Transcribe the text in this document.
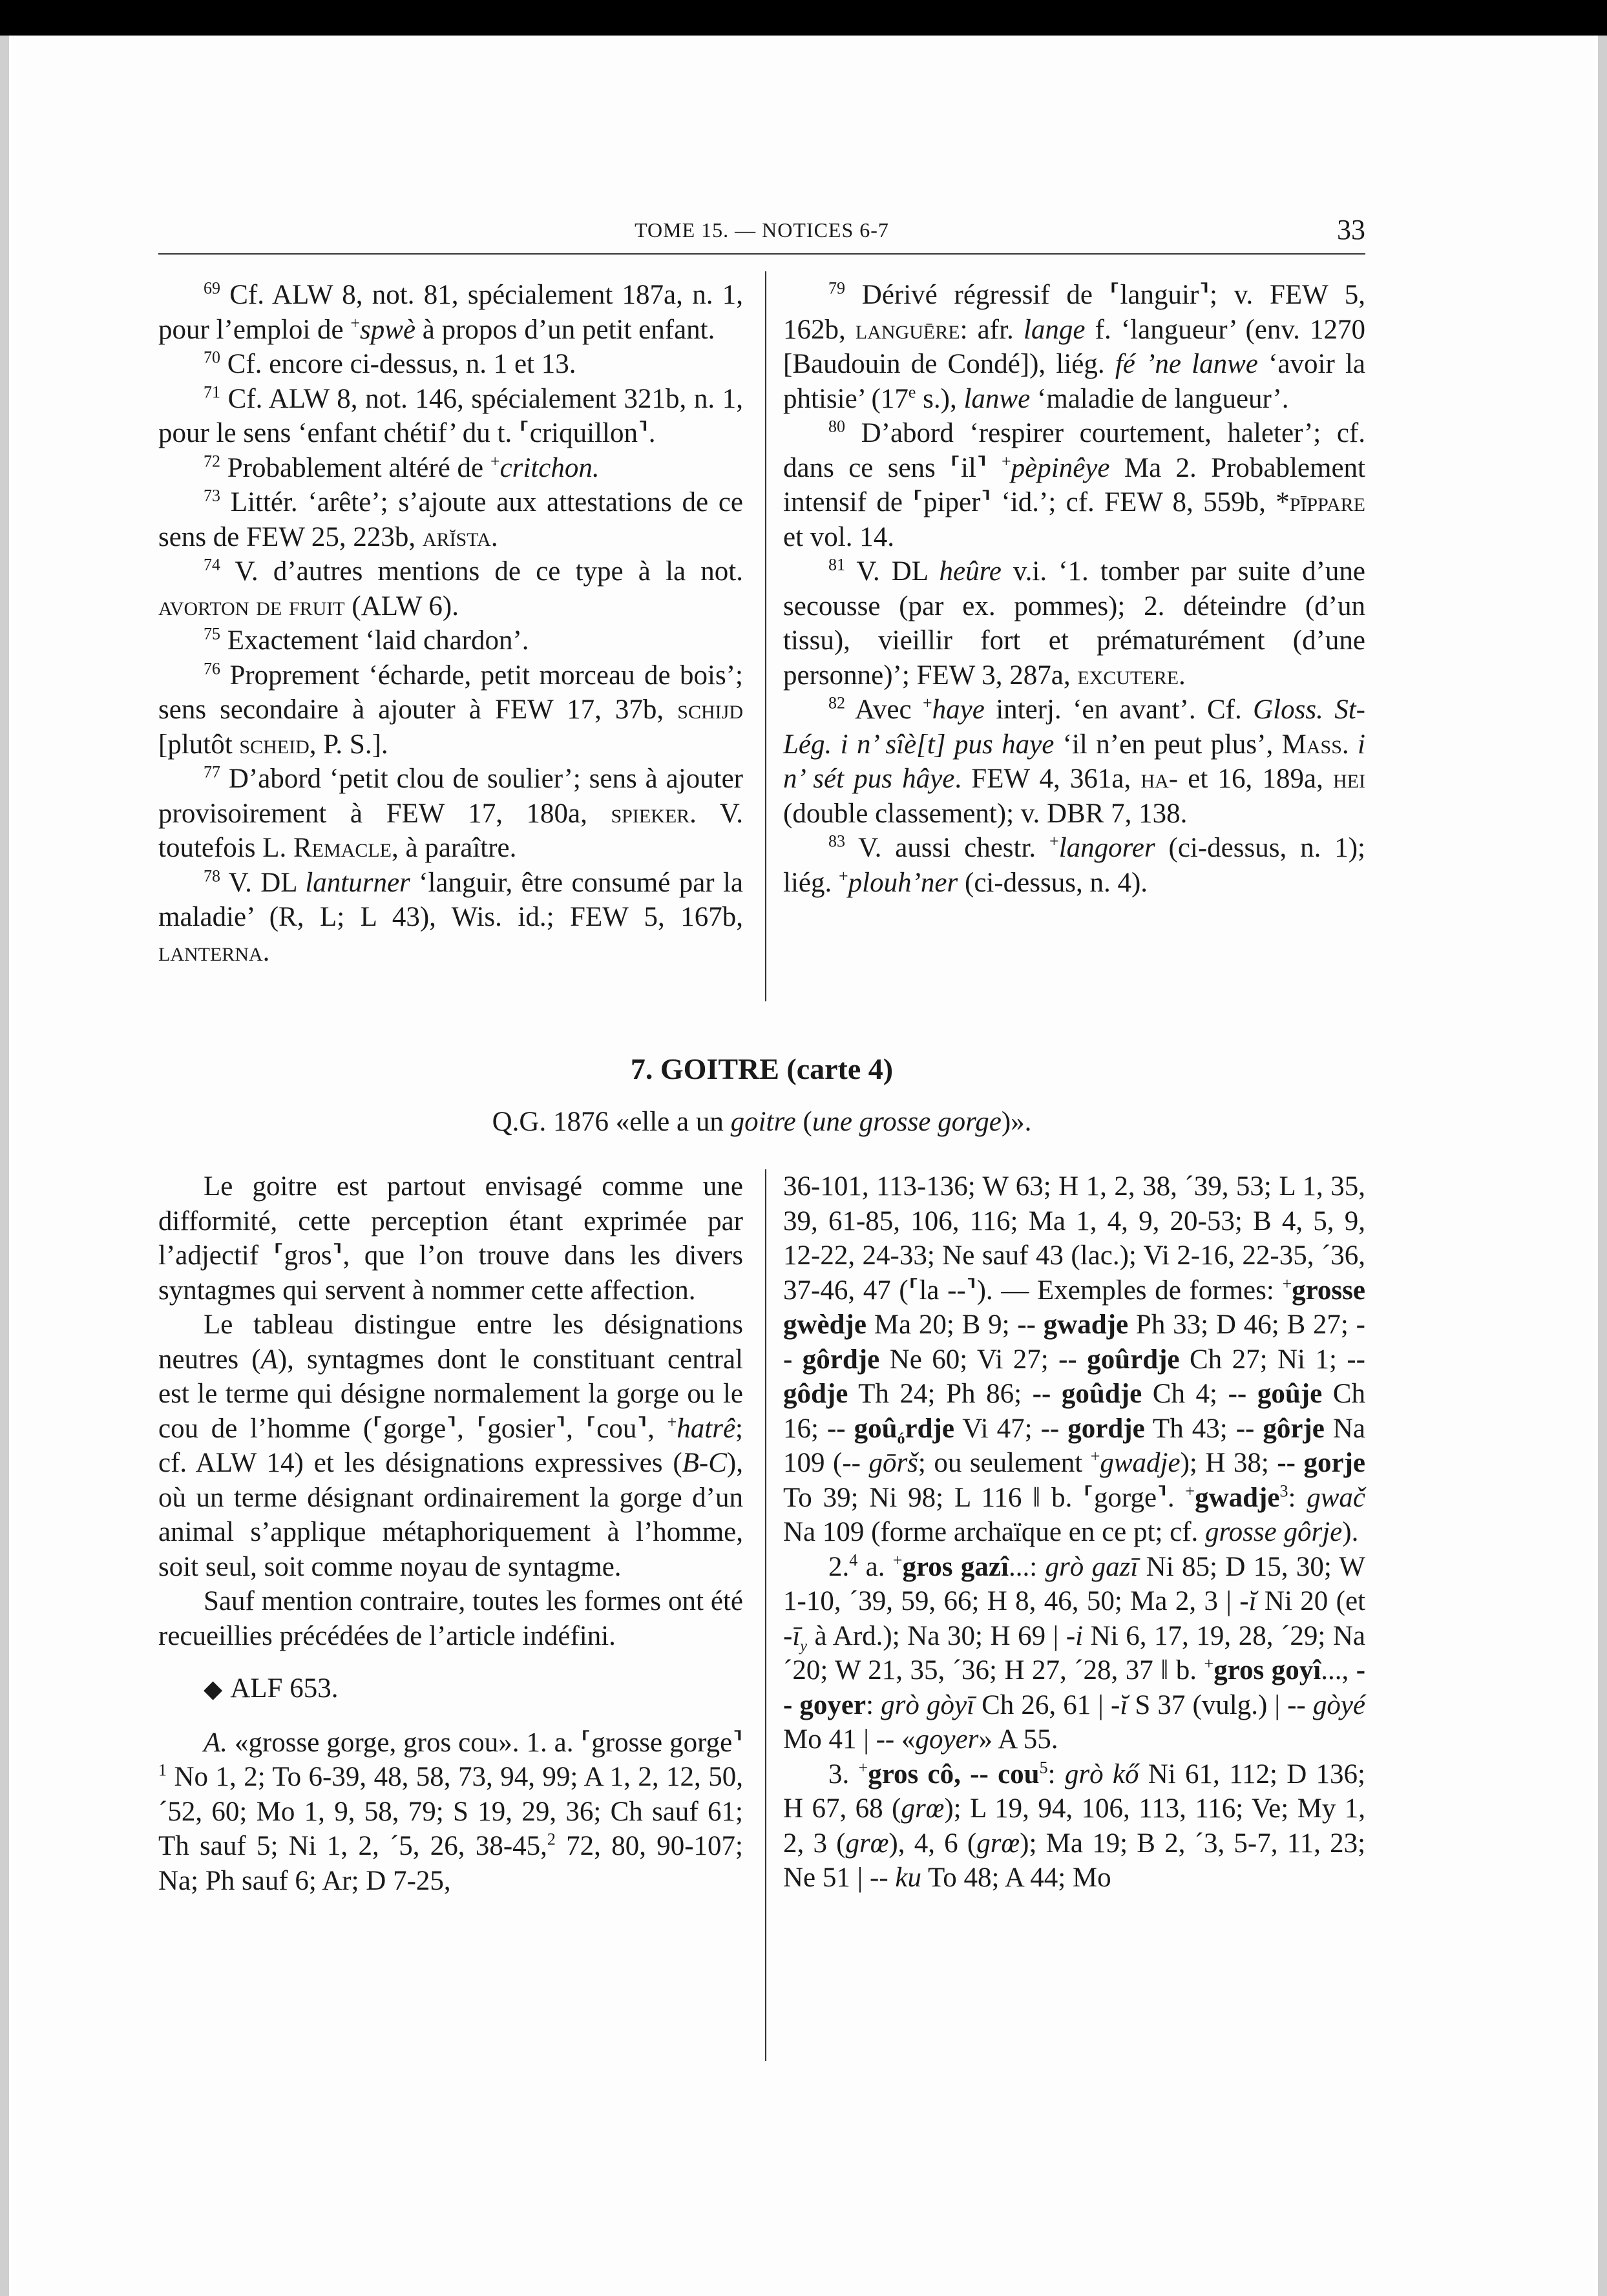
TOME 15. — NOTICES 6-7	33

$^{69}$ Cf. ALW 8, not. 81, spécialement 187a, n. 1, pour l’emploi de +spwè à propos d’un petit enfant.

$^{70}$ Cf. encore ci-dessus, n. 1 et 13.

$^{71}$ Cf. ALW 8, not. 146, spécialement 321b, n. 1, pour le sens ‘enfant chétif’ du t. ⸢criquillon⸣.

$^{72}$ Probablement altéré de +critchon.

$^{73}$ Littér. ‘arête’; s’ajoute aux attestations de ce sens de FEW 25, 223b, arĭsta.

$^{74}$ V. d’autres mentions de ce type à la not. avorton de fruit (ALW 6).

$^{75}$ Exactement ‘laid chardon’.

$^{76}$ Proprement ‘écharde, petit morceau de bois’; sens secondaire à ajouter à FEW 17, 37b, schijd [plutôt scheid, P. S.].

$^{77}$ D’abord ‘petit clou de soulier’; sens à ajouter provisoirement à FEW 17, 180a, spieker. V. toutefois L. Remacle, à paraître.

$^{78}$ V. DL lanturner ‘languir, être consumé par la maladie’ (R, L; L 43), Wis. id.; FEW 5, 167b, lanterna.

$^{79}$ Dérivé régressif de ⸢languir⸣; v. FEW 5, 162b, languēre: afr. lange f. ‘langueur’ (env. 1270 [Baudouin de Condé]), liég. fé ’ne lanwe ‘avoir la phtisie’ (17e s.), lanwe ‘maladie de langueur’.

$^{80}$ D’abord ‘respirer courtement, haleter’; cf. dans ce sens ⸢il⸣ +pèpinêye Ma 2. Probablement intensif de ⸢piper⸣ ‘id.’; cf. FEW 8, 559b, *pīppare et vol. 14.

$^{81}$ V. DL heûre v.i. ‘1. tomber par suite d’une secousse (par ex. pommes); 2. déteindre (d’un tissu), vieillir fort et prématurément (d’une personne)’; FEW 3, 287a, excutere.

$^{82}$ Avec +haye interj. ‘en avant’. Cf. Gloss. St-Lég. i n’ sîè[t] pus haye ‘il n’en peut plus’, Mass. i n’ sét pus hâye. FEW 4, 361a, ha- et 16, 189a, hei (double classement); v. DBR 7, 138.

$^{83}$ V. aussi chestr. +langorer (ci-dessus, n. 1); liég. +plouh’ner (ci-dessus, n. 4).

7. GOITRE (carte 4)
Q.G. 1876 «elle a un goitre (une grosse gorge)».

Le goitre est partout envisagé comme une difformité, cette perception étant exprimée par l’adjectif ⸢gros⸣, que l’on trouve dans les divers syntagmes qui servent à nommer cette affection.

Le tableau distingue entre les désignations neutres (A), syntagmes dont le constituant central est le terme qui désigne normalement la gorge ou le cou de l’homme (⸢gorge⸣, ⸢gosier⸣, ⸢cou⸣, +hatrê; cf. ALW 14) et les désignations expressives (B-C), où un terme désignant ordinairement la gorge d’un animal s’applique métaphoriquement à l’homme, soit seul, soit comme noyau de syntagme.

Sauf mention contraire, toutes les formes ont été recueillies précédées de l’article indéfini.

◆ ALF 653.

A. «grosse gorge, gros cou». 1. a. ⸢grosse gorge⸣$^1$ No 1, 2; To 6-39, 48, 58, 73, 94, 99; A 1, 2, 12, 50, ´52, 60; Mo 1, 9, 58, 79; S 19, 29, 36; Ch sauf 61; Th sauf 5; Ni 1, 2, ´5, 26, 38-45,$^2$ 72, 80, 90-107; Na; Ph sauf 6; Ar; D 7-25,

36-101, 113-136; W 63; H 1, 2, 38, ´39, 53; L 1, 35, 39, 61-85, 106, 116; Ma 1, 4, 9, 20-53; B 4, 5, 9, 12-22, 24-33; Ne sauf 43 (lac.); Vi 2-16, 22-35, ´36, 37-46, 47 (⸢la --⸣). — Exemples de formes: +grosse gwèdje Ma 20; B 9; -- gwadje Ph 33; D 46; B 27; -- gôrdje Ne 60; Vi 27; -- goûrdje Ch 27; Ni 1; -- gôdje Th 24; Ph 86; -- goûdje Ch 4; -- goûje Ch 16; -- goû$_ó$rdje Vi 47; -- gordje Th 43; -- gôrje Na 109 (-- gōrš; ou seulement +gwadje); H 38; -- gorje To 39; Ni 98; L 116 ‖ b. ⸢gorge⸣. +gwadje$^3$: gwač Na 109 (forme archaïque en ce pt; cf. grosse gôrje).

2.$^4$ a. +gros gazî...: grò gazī Ni 85; D 15, 30; W 1-10, ´39, 59, 66; H 8, 46, 50; Ma 2, 3 | -ĭ Ni 20 (et $-ī_y$ à Ard.); Na 30; H 69 | -i Ni 6, 17, 19, 28, ´29; Na ´20; W 21, 35, ´36; H 27, ´28, 37 ‖ b. +gros goyî..., -- goyer: grò gòyī Ch 26, 61 | -ĭ S 37 (vulg.) | -- gòyé Mo 41 | -- «goyer» A 55.

3. +gros cô, -- cou$^5$: grò kő Ni 61, 112; D 136; H 67, 68 (grœ); L 19, 94, 106, 113, 116; Ve; My 1, 2, 3 (grœ), 4, 6 (grœ); Ma 19; B 2, ´3, 5-7, 11, 23; Ne 51 | -- ku To 48; A 44; Mo
